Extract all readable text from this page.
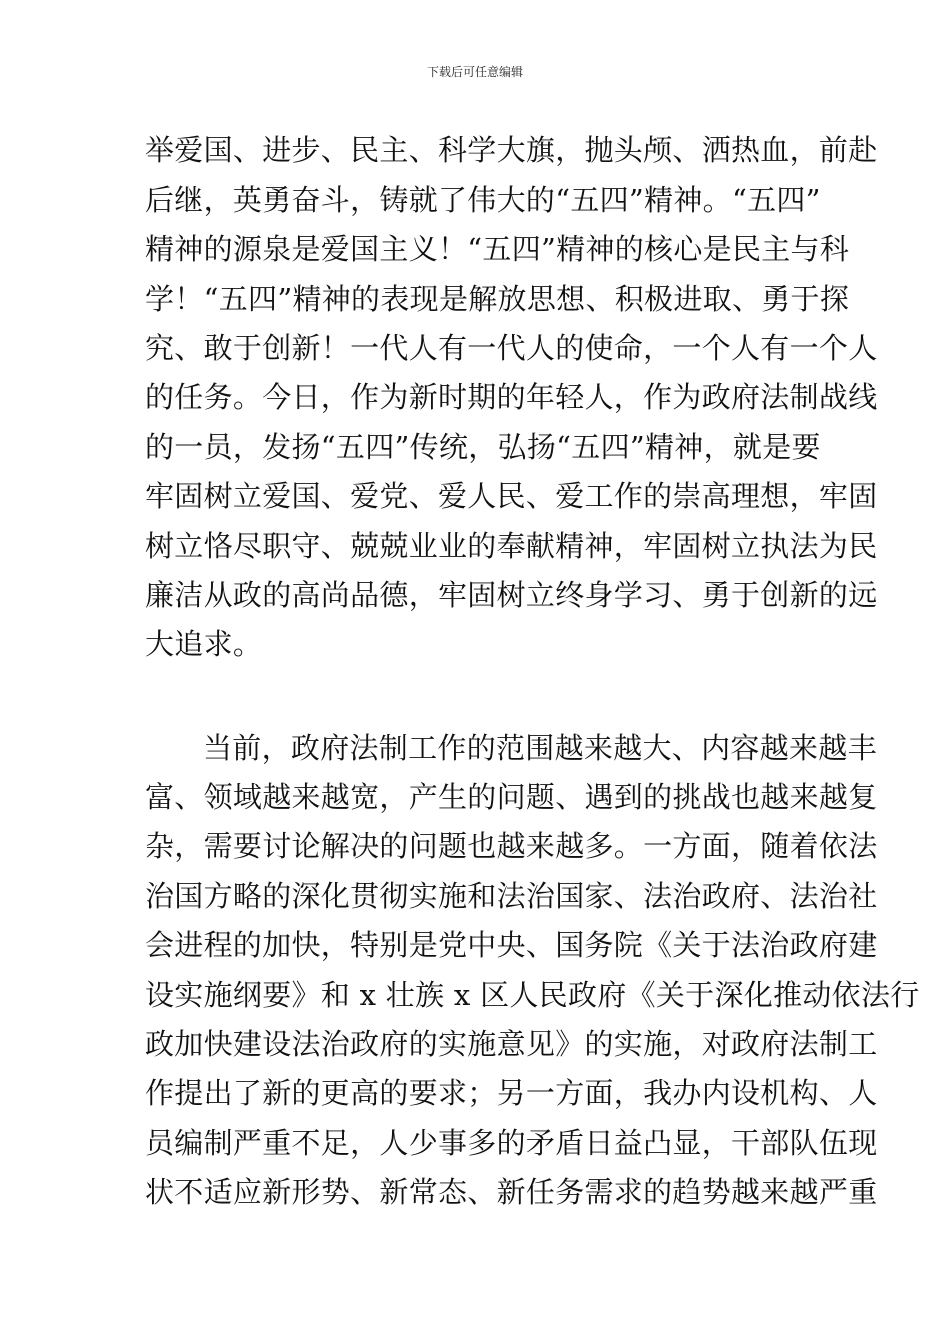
下载后可任意编辑
举爱国、进步、民主、科学大旗，抛头颅、洒热血，前赴
后继，英勇奋斗，铸就了伟大的“五四”精神。“五四”
精神的源泉是爱国主义！“五四”精神的核心是民主与科
学！“五四”精神的表现是解放思想、积极进取、勇于探
究、敢于创新！一代人有一代人的使命，一个人有一个人
的任务。今日，作为新时期的年轻人，作为政府法制战线
的一员，发扬“五四”传统，弘扬“五四”精神，就是要
牢固树立爱国、爱党、爱人民、爱工作的崇高理想，牢固
树立恪尽职守、兢兢业业的奉献精神，牢固树立执法为民
廉洁从政的高尚品德，牢固树立终身学习、勇于创新的远
大追求。
当前，政府法制工作的范围越来越大、内容越来越丰
富、领域越来越宽，产生的问题、遇到的挑战也越来越复
杂，需要讨论解决的问题也越来越多。一方面，随着依法
治国方略的深化贯彻实施和法治国家、法治政府、法治社
会进程的加快，特别是党中央、国务院《关于法治政府建
设实施纲要》和 x 壮族 x 区人民政府《关于深化推动依法行
政加快建设法治政府的实施意见》的实施，对政府法制工
作提出了新的更高的要求；另一方面，我办内设机构、人
员编制严重不足，人少事多的矛盾日益凸显，干部队伍现
状不适应新形势、新常态、新任务需求的趋势越来越严重
